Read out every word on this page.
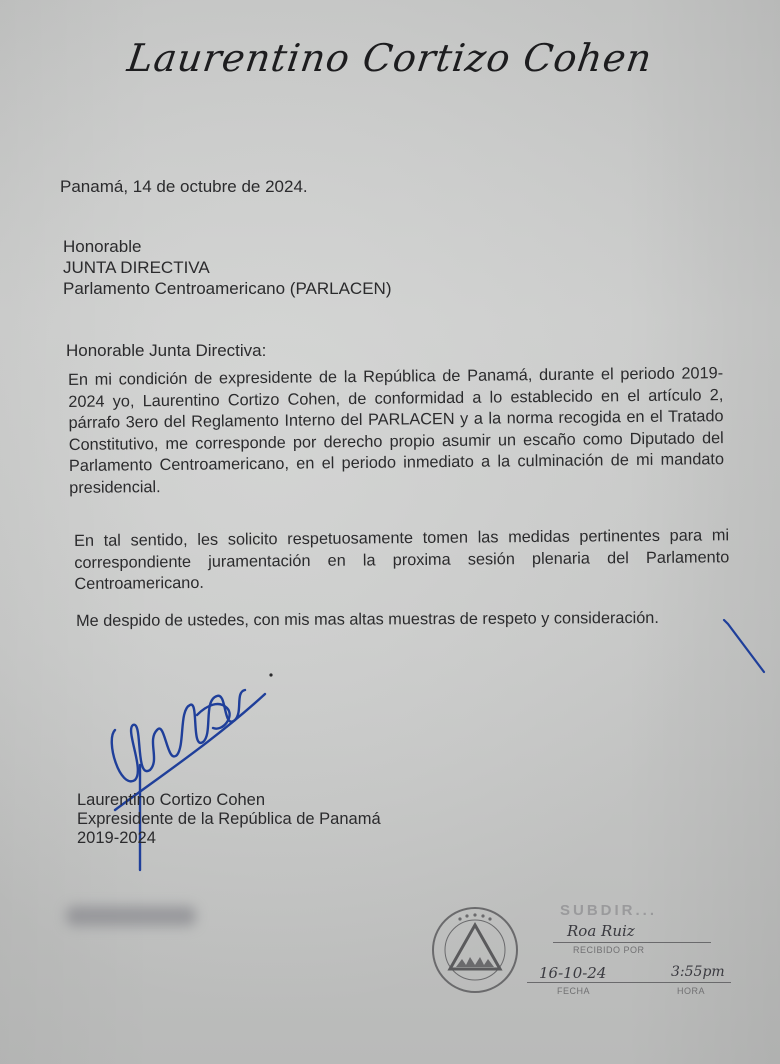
Laurentino Cortizo Cohen
Panamá, 14 de octubre de 2024.
Honorable
JUNTA DIRECTIVA
Parlamento Centroamericano (PARLACEN)
Honorable Junta Directiva:
En mi condición de expresidente de la República de Panamá, durante el periodo 2019-2024 yo, Laurentino Cortizo Cohen, de conformidad a lo establecido en el artículo 2, párrafo 3ero del Reglamento Interno del PARLACEN y a la norma recogida en el Tratado Constitutivo, me corresponde por derecho propio asumir un escaño como Diputado del Parlamento Centroamericano, en el periodo inmediato a la culminación de mi mandato presidencial.
En tal sentido, les solicito respetuosamente tomen las medidas pertinentes para mi correspondiente juramentación en la proxima sesión plenaria del Parlamento Centroamericano.
Me despido de ustedes, con mis mas altas muestras de respeto y consideración.
Laurentino Cortizo Cohen
Expresidente de la República de Panamá
2019-2024
SUBDIR...
Roa Ruiz
RECIBIDO POR
16-10-24	3:55pm
FECHA	HORA
